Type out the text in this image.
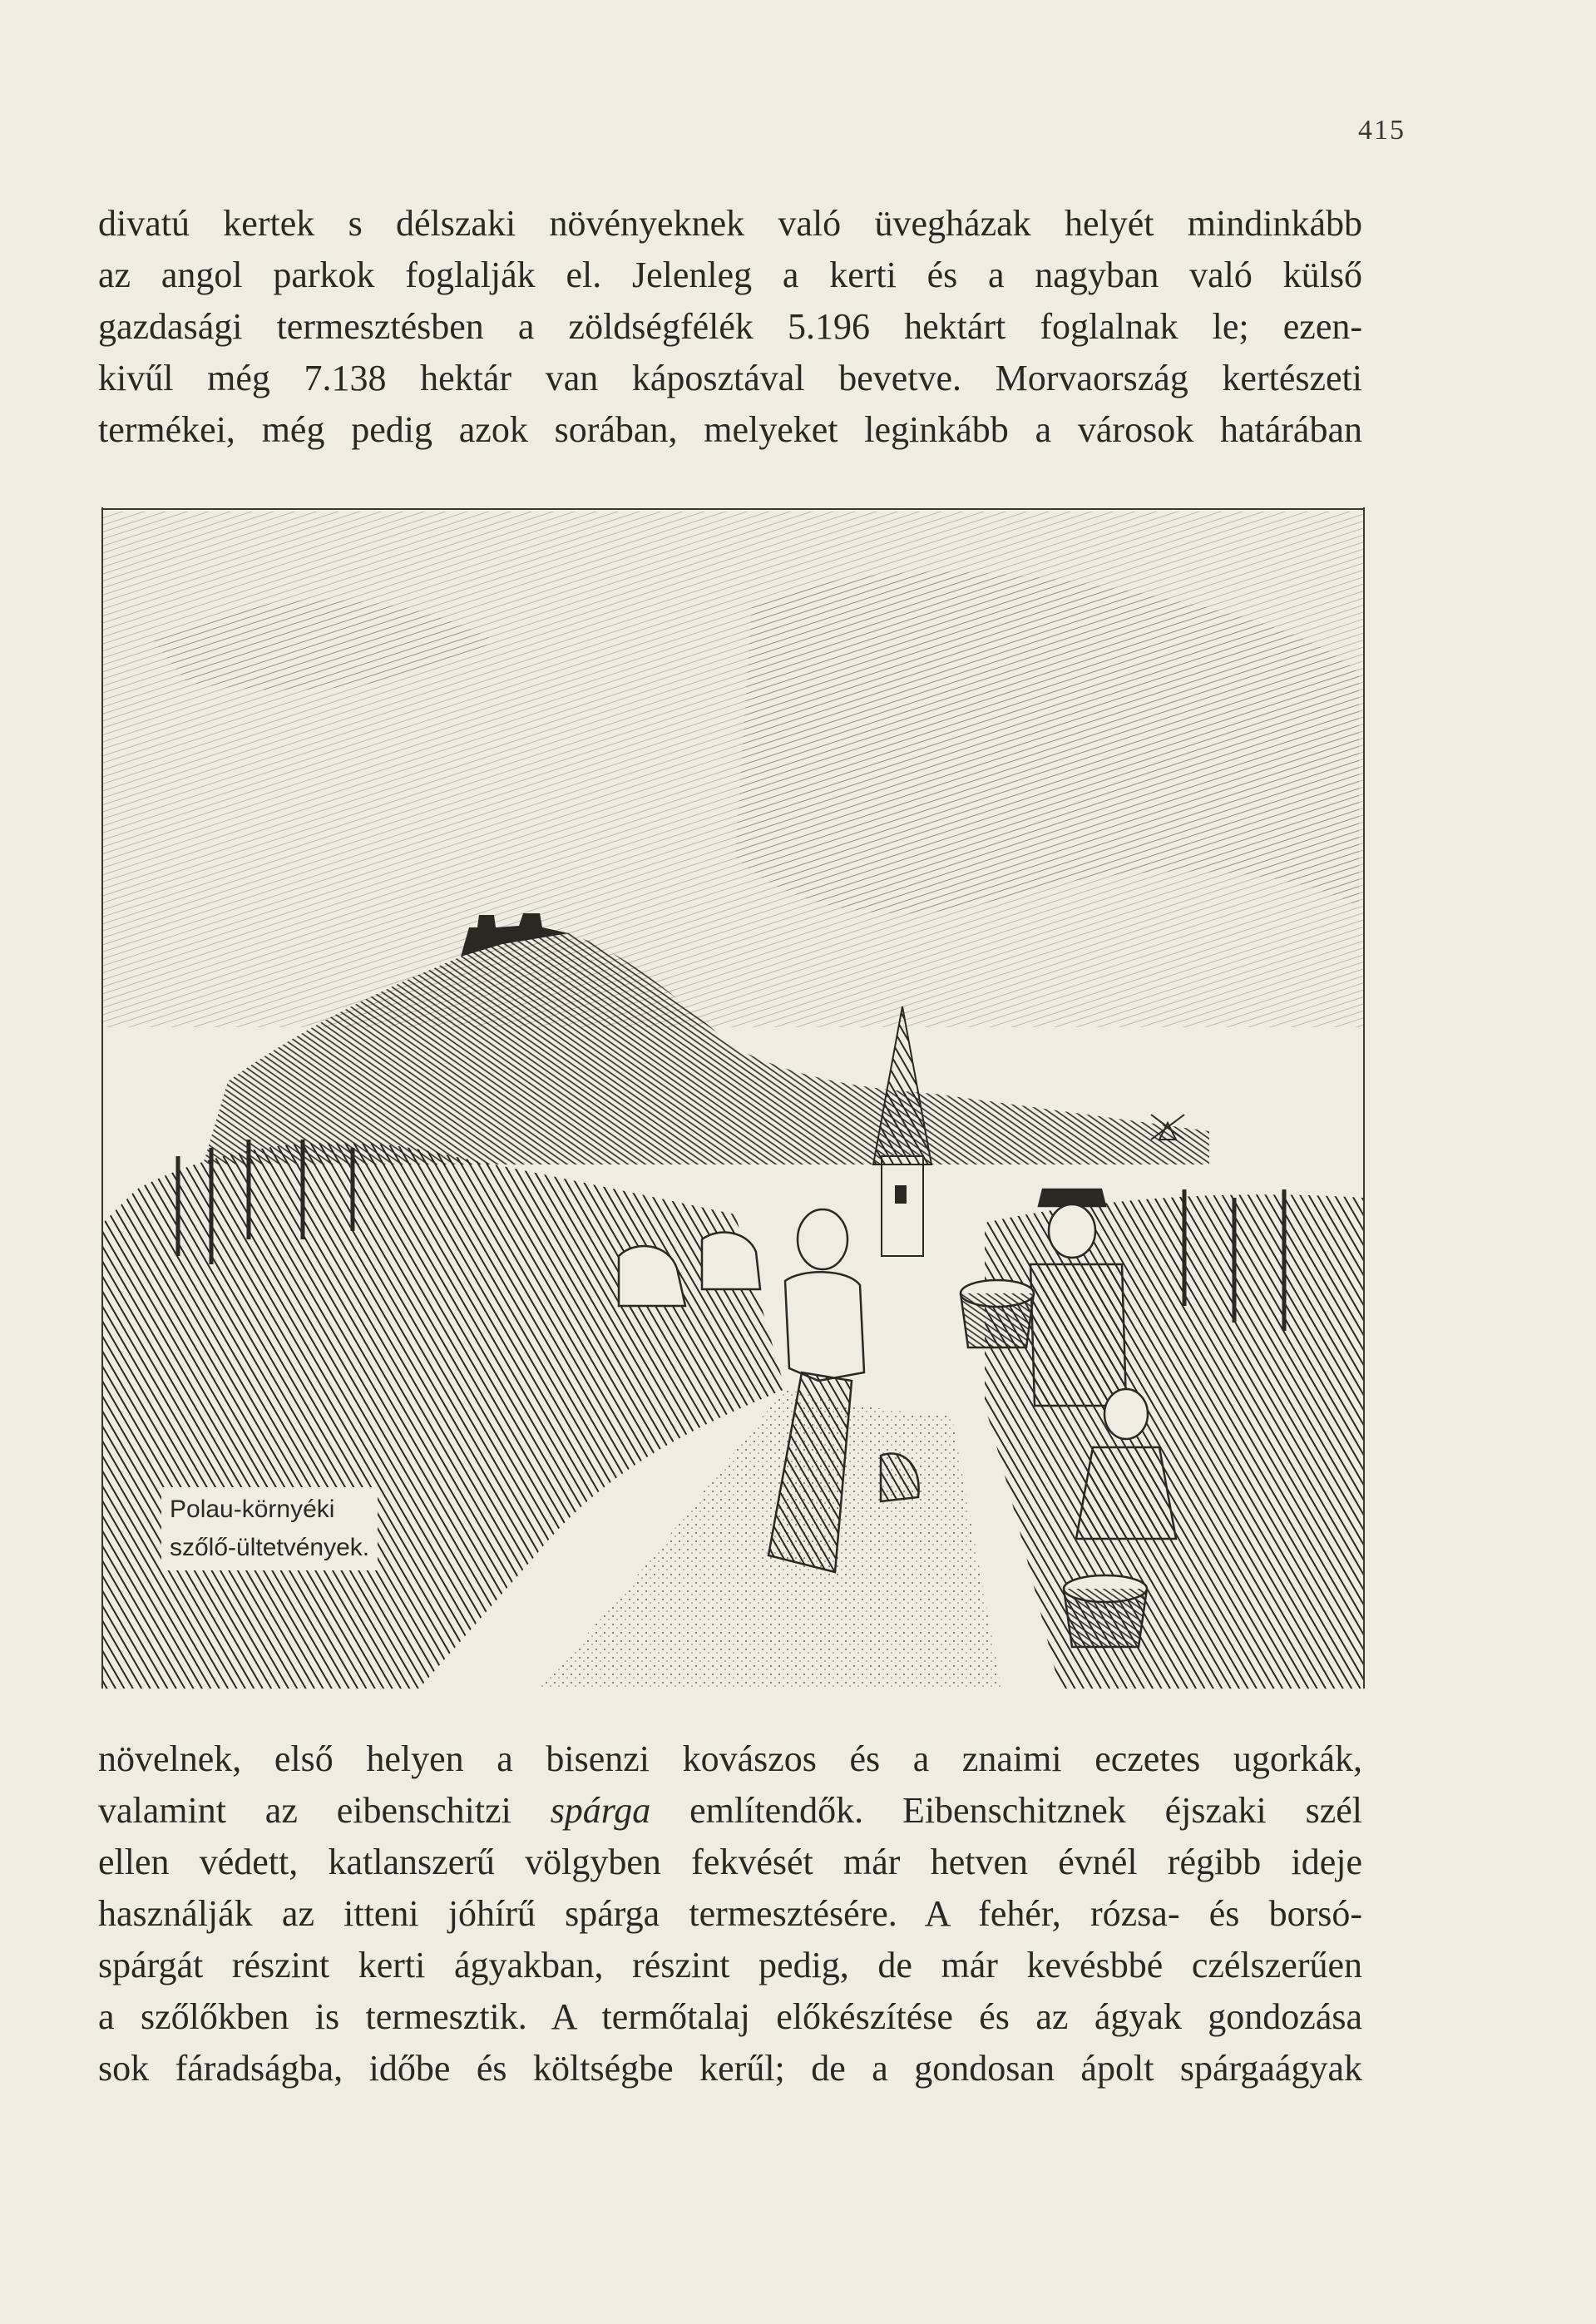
415
divatú kertek s délszaki növényeknek való üvegházak helyét mindinkább
az angol parkok foglalják el. Jelenleg a kerti és a nagyban való külső
gazdasági termesztésben a zöldségfélék 5.196 hektárt foglalnak le; ezen-
kivűl még 7.138 hektár van káposztával bevetve. Morvaország kertészeti
termékei, még pedig azok sorában, melyeket leginkább a városok határában
Polau-környéki
szőlő-ültetvények.
növelnek, első helyen a bisenzi kovászos és a znaimi eczetes ugorkák,
valamint az eibenschitzi spárga említendők. Eibenschitznek éjszaki szél
ellen védett, katlanszerű völgyben fekvését már hetven évnél régibb ideje
használják az itteni jóhírű spárga termesztésére. A fehér, rózsa- és borsó-
spárgát részint kerti ágyakban, részint pedig, de már kevésbbé czélszerűen
a szőlőkben is termesztik. A termőtalaj előkészítése és az ágyak gondozása
sok fáradságba, időbe és költségbe kerűl; de a gondosan ápolt spárgaágyak
